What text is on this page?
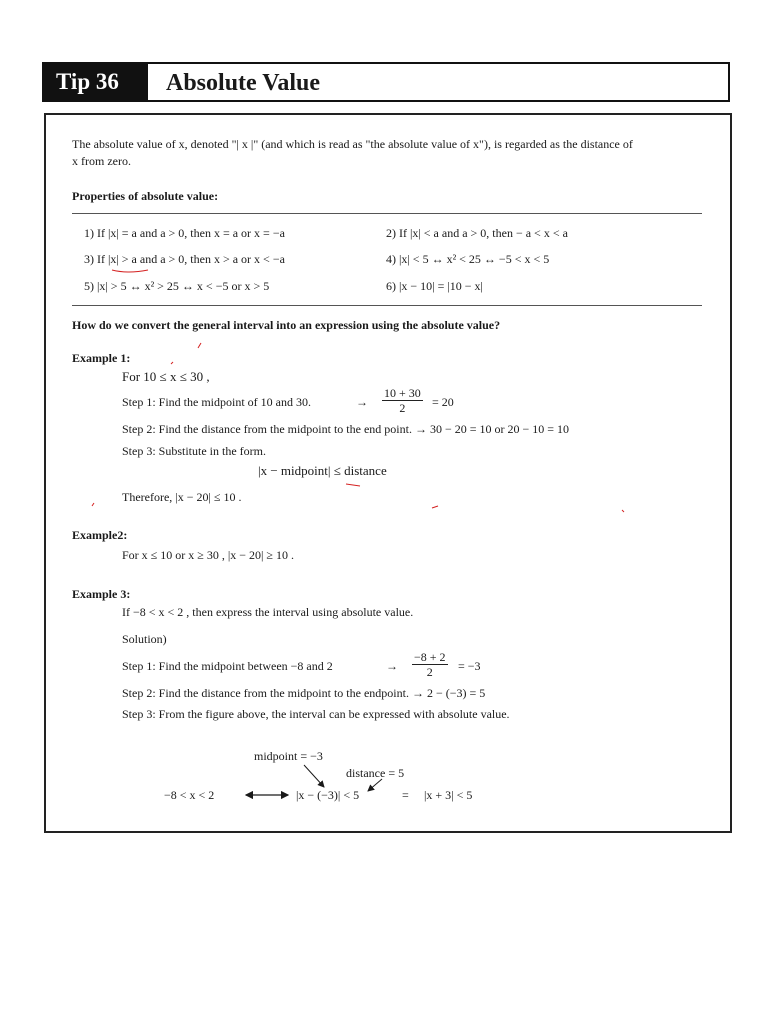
Tip 36	Absolute Value
The absolute value of x, denoted "| x |" (and which is read as "the absolute value of x"), is regarded as the distance of
x from zero.
Properties of absolute value:
1) If |x| = a and a > 0, then x = a or x = −a	2) If |x| < a and a > 0, then − a < x < a
3) If |x| > a and a > 0, then x > a or x < −a	4) |x| < 5 ↔ x² < 25 ↔ −5 < x < 5
5) |x| > 5 ↔ x² > 25 ↔ x < −5 or x > 5	6) |x − 10| = |10 − x|
How do we convert the general interval into an expression using the absolute value?
Example 1:
For 10 ≤ x ≤ 30 ,
Step 1: Find the midpoint of 10 and 30.	→ $\frac{10 + 30}{2} = 20$
Step 2: Find the distance from the midpoint to the end point. → 30 − 20 = 10 or 20 − 10 = 10
Step 3: Substitute in the form.
|x − midpoint| ≤ distance
Therefore, |x − 20| ≤ 10 .
Example2:
For x ≤ 10 or x ≥ 30 , |x − 20| ≥ 10 .
Example 3:
If −8 < x < 2 , then express the interval using absolute value.
Solution)
Step 1: Find the midpoint between −8 and 2	→ $\frac{-8 + 2}{2} = -3$
Step 2: Find the distance from the midpoint to the endpoint. → 2 − (−3) = 5
Step 3: From the figure above, the interval can be expressed with absolute value.
midpoint = −3
distance = 5
−8 < x < 2	|x − (−3)| < 5	= |x + 3| < 5
